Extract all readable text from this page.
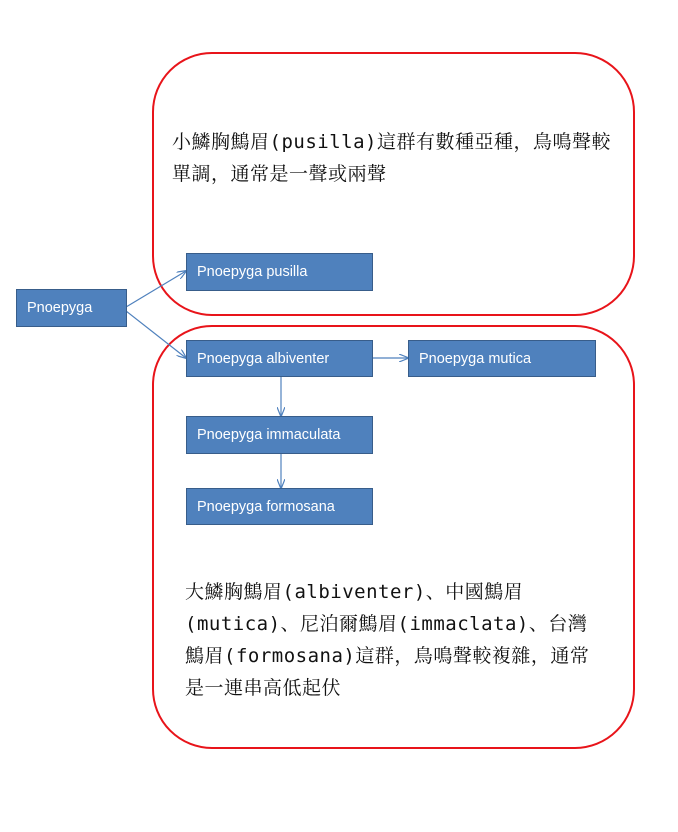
Pnoepyga
Pnoepyga pusilla
Pnoepyga albiventer	Pnoepyga mutica
Pnoepyga immaculata
Pnoepyga formosana
小鱗胸鷦眉(pusilla)這群有數種亞種，鳥鳴聲較單調，通常是一聲或兩聲
大鱗胸鷦眉(albiventer)、中國鷦眉(mutica)、尼泊爾鷦眉(immaclata)、台灣鷦眉(formosana)這群，鳥鳴聲較複雜，通常是一連串高低起伏
